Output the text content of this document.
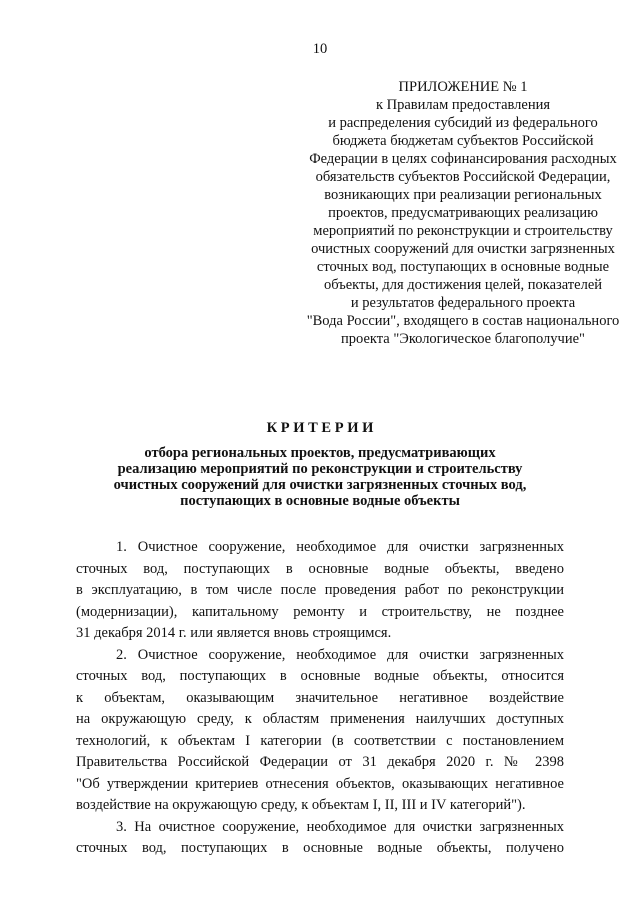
10
ПРИЛОЖЕНИЕ № 1
к Правилам предоставления
и распределения субсидий из федерального
бюджета бюджетам субъектов Российской
Федерации в целях софинансирования расходных
обязательств субъектов Российской Федерации,
возникающих при реализации региональных
проектов, предусматривающих реализацию
мероприятий по реконструкции и строительству
очистных сооружений для очистки загрязненных
сточных вод, поступающих в основные водные
объекты, для достижения целей, показателей
и результатов федерального проекта
"Вода России", входящего в состав национального
проекта "Экологическое благополучие"
К Р И Т Е Р И И
отбора региональных проектов, предусматривающих
реализацию мероприятий по реконструкции и строительству
очистных сооружений для очистки загрязненных сточных вод,
поступающих в основные водные объекты
1. Очистное сооружение, необходимое для очистки загрязненных
сточных вод, поступающих в основные водные объекты, введено
в эксплуатацию, в том числе после проведения работ по реконструкции
(модернизации), капитальному ремонту и строительству, не позднее
31 декабря 2014 г. или является вновь строящимся.
2. Очистное сооружение, необходимое для очистки загрязненных
сточных вод, поступающих в основные водные объекты, относится
к объектам, оказывающим значительное негативное воздействие
на окружающую среду, к областям применения наилучших доступных
технологий, к объектам I категории (в соответствии с постановлением
Правительства Российской Федерации от 31 декабря 2020 г. № 2398
"Об утверждении критериев отнесения объектов, оказывающих негативное
воздействие на окружающую среду, к объектам I, II, III и IV категорий").
3. На очистное сооружение, необходимое для очистки загрязненных
сточных вод, поступающих в основные водные объекты, получено
